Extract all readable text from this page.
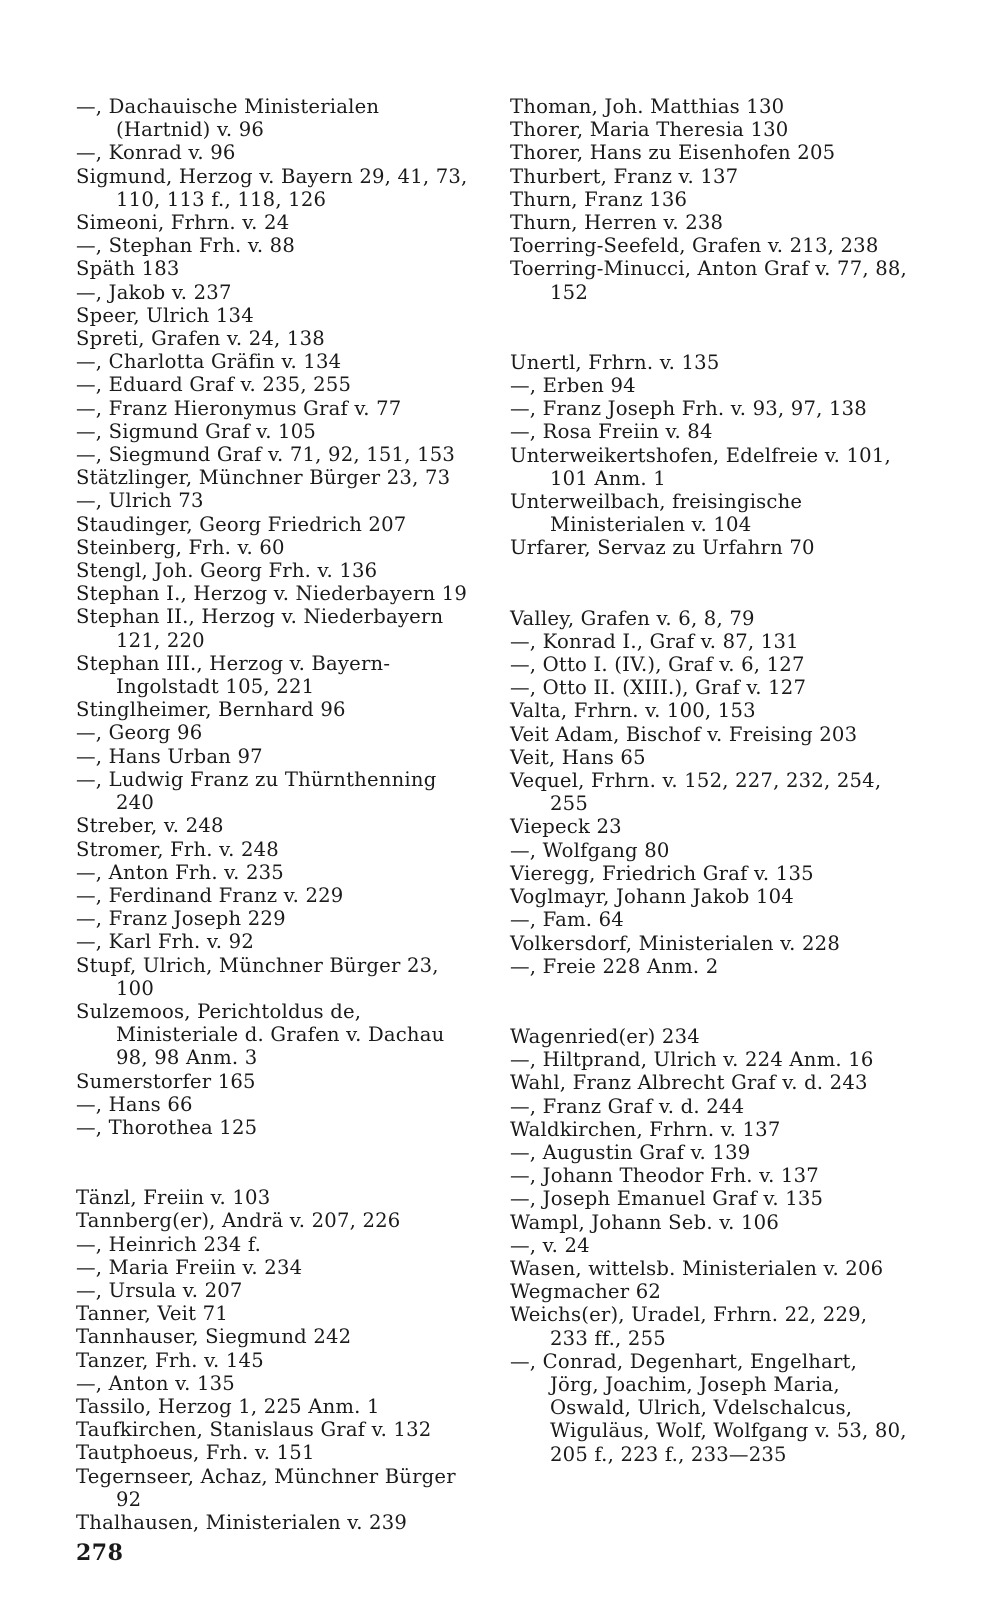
—, Dachauische Ministerialen (Hartnid) v. 96
—, Konrad v. 96
Sigmund, Herzog v. Bayern 29, 41, 73, 110, 113 f., 118, 126
Simeoni, Frhrn. v. 24
—, Stephan Frh. v. 88
Späth 183
—, Jakob v. 237
Speer, Ulrich 134
Spreti, Grafen v. 24, 138
—, Charlotta Gräfin v. 134
—, Eduard Graf v. 235, 255
—, Franz Hieronymus Graf v. 77
—, Sigmund Graf v. 105
—, Siegmund Graf v. 71, 92, 151, 153
Stätzlinger, Münchner Bürger 23, 73
—, Ulrich 73
Staudinger, Georg Friedrich 207
Steinberg, Frh. v. 60
Stengl, Joh. Georg Frh. v. 136
Stephan I., Herzog v. Niederbayern 19
Stephan II., Herzog v. Niederbayern 121, 220
Stephan III., Herzog v. Bayern-Ingolstadt 105, 221
Stinglheimer, Bernhard 96
—, Georg 96
—, Hans Urban 97
—, Ludwig Franz zu Thürnthenning 240
Streber, v. 248
Stromer, Frh. v. 248
—, Anton Frh. v. 235
—, Ferdinand Franz v. 229
—, Franz Joseph 229
—, Karl Frh. v. 92
Stupf, Ulrich, Münchner Bürger 23, 100
Sulzemoos, Perichtoldus de, Ministeriale d. Grafen v. Dachau 98, 98 Anm. 3
Sumerstorfer 165
—, Hans 66
—, Thorothea 125
Tänzl, Freiin v. 103
Tannberg(er), Andrä v. 207, 226
—, Heinrich 234 f.
—, Maria Freiin v. 234
—, Ursula v. 207
Tanner, Veit 71
Tannhauser, Siegmund 242
Tanzer, Frh. v. 145
—, Anton v. 135
Tassilo, Herzog 1, 225 Anm. 1
Taufkirchen, Stanislaus Graf v. 132
Tautphoeus, Frh. v. 151
Tegernseer, Achaz, Münchner Bürger 92
Thalhausen, Ministerialen v. 239
Thoman, Joh. Matthias 130
Thorer, Maria Theresia 130
Thorer, Hans zu Eisenhofen 205
Thurbert, Franz v. 137
Thurn, Franz 136
Thurn, Herren v. 238
Toerring-Seefeld, Grafen v. 213, 238
Toerring-Minucci, Anton Graf v. 77, 88, 152
Unertl, Frhrn. v. 135
—, Erben 94
—, Franz Joseph Frh. v. 93, 97, 138
—, Rosa Freiin v. 84
Unterweikertshofen, Edelfreie v. 101, 101 Anm. 1
Unterweilbach, freisingische Ministerialen v. 104
Urfarer, Servaz zu Urfahrn 70
Valley, Grafen v. 6, 8, 79
—, Konrad I., Graf v. 87, 131
—, Otto I. (IV.), Graf v. 6, 127
—, Otto II. (XIII.), Graf v. 127
Valta, Frhrn. v. 100, 153
Veit Adam, Bischof v. Freising 203
Veit, Hans 65
Vequel, Frhrn. v. 152, 227, 232, 254, 255
Viepeck 23
—, Wolfgang 80
Vieregg, Friedrich Graf v. 135
Voglmayr, Johann Jakob 104
—, Fam. 64
Volkersdorf, Ministerialen v. 228
—, Freie 228 Anm. 2
Wagenried(er) 234
—, Hiltprand, Ulrich v. 224 Anm. 16
Wahl, Franz Albrecht Graf v. d. 243
—, Franz Graf v. d. 244
Waldkirchen, Frhrn. v. 137
—, Augustin Graf v. 139
—, Johann Theodor Frh. v. 137
—, Joseph Emanuel Graf v. 135
Wampl, Johann Seb. v. 106
—, v. 24
Wasen, wittelsb. Ministerialen v. 206
Wegmacher 62
Weichs(er), Uradel, Frhrn. 22, 229, 233 ff., 255
—, Conrad, Degenhart, Engelhart, Jörg, Joachim, Joseph Maria, Oswald, Ulrich, Vdelschalcus, Wiguläus, Wolf, Wolfgang v. 53, 80, 205 f., 223 f., 233—235
278
